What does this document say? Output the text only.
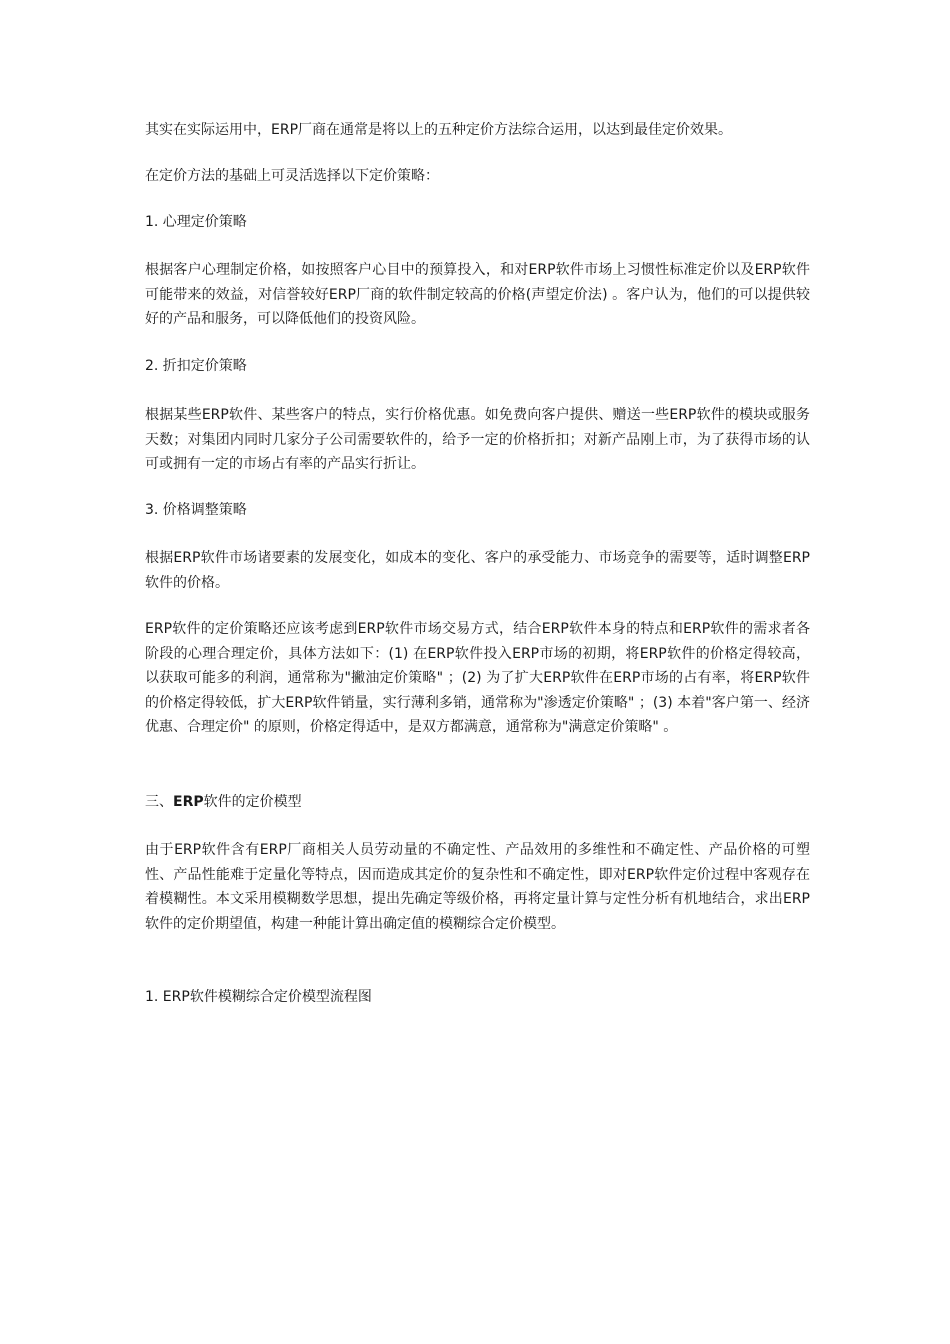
其实在实际运用中，ERP厂商在通常是将以上的五种定价方法综合运用，以达到最佳定价效果。

在定价方法的基础上可灵活选择以下定价策略：

1. 心理定价策略

根据客户心理制定价格，如按照客户心目中的预算投入，和对ERP软件市场上习惯性标准定价以及ERP软件可能带来的效益，对信誉较好ERP厂商的软件制定较高的价格(声望定价法) 。客户认为，他们的可以提供较好的产品和服务，可以降低他们的投资风险。

2. 折扣定价策略

根据某些ERP软件、某些客户的特点，实行价格优惠。如免费向客户提供、赠送一些ERP软件的模块或服务天数；对集团内同时几家分子公司需要软件的，给予一定的价格折扣；对新产品刚上市，为了获得市场的认可或拥有一定的市场占有率的产品实行折让。

3. 价格调整策略

根据ERP软件市场诸要素的发展变化，如成本的变化、客户的承受能力、市场竞争的需要等，适时调整ERP软件的价格。

ERP软件的定价策略还应该考虑到ERP软件市场交易方式，结合ERP软件本身的特点和ERP软件的需求者各阶段的心理合理定价，具体方法如下：(1) 在ERP软件投入ERP市场的初期，将ERP软件的价格定得较高，以获取可能多的利润，通常称为"撇油定价策略" ；(2) 为了扩大ERP软件在ERP市场的占有率，将ERP软件的价格定得较低，扩大ERP软件销量，实行薄利多销，通常称为"渗透定价策略" ；(3) 本着"客户第一、经济优惠、合理定价" 的原则，价格定得适中，是双方都满意，通常称为"满意定价策略" 。

三、ERP软件的定价模型

由于ERP软件含有ERP厂商相关人员劳动量的不确定性、产品效用的多维性和不确定性、产品价格的可塑性、产品性能难于定量化等特点，因而造成其定价的复杂性和不确定性，即对ERP软件定价过程中客观存在着模糊性。本文采用模糊数学思想，提出先确定等级价格，再将定量计算与定性分析有机地结合，求出ERP软件的定价期望值，构建一种能计算出确定值的模糊综合定价模型。

1. ERP软件模糊综合定价模型流程图
